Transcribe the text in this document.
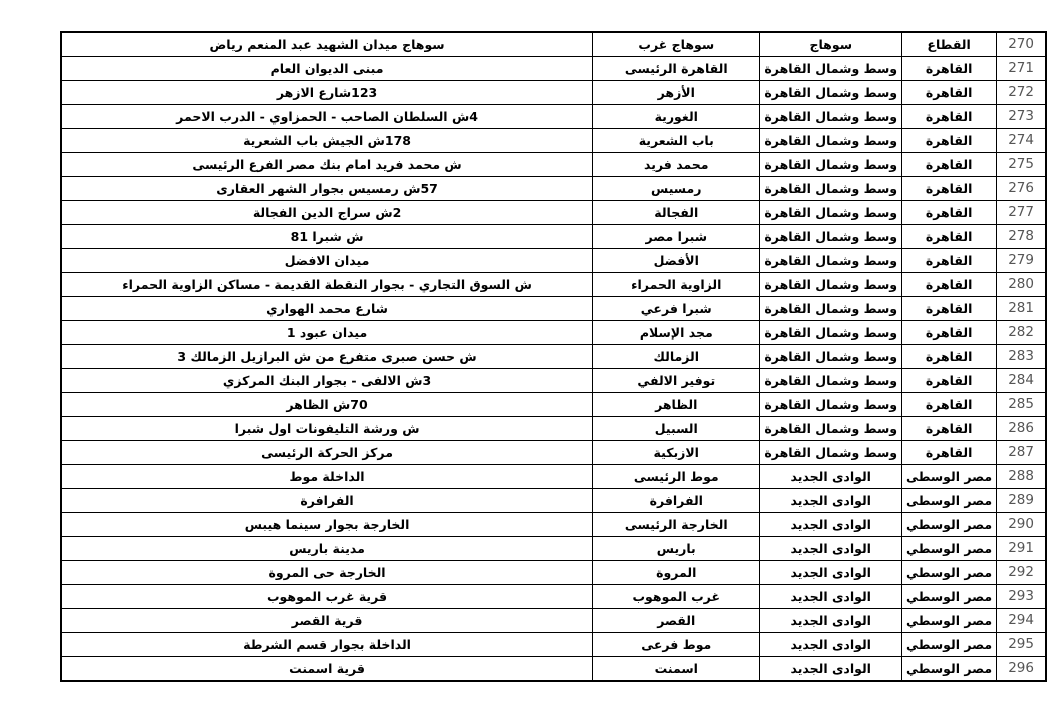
سوهاج ميدان الشهيد عبد المنعم رياض	سوهاج غرب	سوهاج	القطاع	270
مبنى الديوان العام	القاهرة الرئيسى	وسط وشمال القاهرة	القاهرة	271
123شارع الازهر	الأزهر	وسط وشمال القاهرة	القاهرة	272
4ش السلطان الصاحب - الحمزاوي - الدرب الاحمر	الغورية	وسط وشمال القاهرة	القاهرة	273
178ش الجيش باب الشعرية	باب الشعرية	وسط وشمال القاهرة	القاهرة	274
ش محمد فريد امام بنك مصر الفرع الرئيسى	محمد فريد	وسط وشمال القاهرة	القاهرة	275
57ش رمسيس بجوار الشهر العقارى	رمسيس	وسط وشمال القاهرة	القاهرة	276
2ش سراج الدين الفجالة	الفجالة	وسط وشمال القاهرة	القاهرة	277
ش شبرا 81	شبرا مصر	وسط وشمال القاهرة	القاهرة	278
ميدان الافضل	الأفضل	وسط وشمال القاهرة	القاهرة	279
ش السوق التجاري - بجوار النقطة القديمة - مساكن الزاوية الحمراء	الزاوية الحمراء	وسط وشمال القاهرة	القاهرة	280
شارع محمد الهواري	شبرا فرعي	وسط وشمال القاهرة	القاهرة	281
ميدان عبود 1	مجد الإسلام	وسط وشمال القاهرة	القاهرة	282
ش حسن صبرى متفرع من ش البرازيل الزمالك 3	الزمالك	وسط وشمال القاهرة	القاهرة	283
3ش الالفى - بجوار البنك المركزي	توفير الالفي	وسط وشمال القاهرة	القاهرة	284
70ش الظاهر	الظاهر	وسط وشمال القاهرة	القاهرة	285
ش ورشة التليفونات اول شبرا	السبيل	وسط وشمال القاهرة	القاهرة	286
مركز الحركة الرئيسى	الازبكية	وسط وشمال القاهرة	القاهرة	287
الداخلة موط	موط الرئيسى	الوادى الجديد	مصر الوسطى	288
الفرافرة	الفرافرة	الوادى الجديد	مصر الوسطى	289
الخارجة بجوار سينما هيبس	الخارجة الرئيسى	الوادى الجديد	مصر الوسطي	290
مدينة باريس	باريس	الوادى الجديد	مصر الوسطي	291
الخارجة حى المروة	المروة	الوادى الجديد	مصر الوسطي	292
قرية غرب الموهوب	غرب الموهوب	الوادى الجديد	مصر الوسطي	293
قرية القصر	القصر	الوادى الجديد	مصر الوسطي	294
الداخلة بجوار قسم الشرطة	موط فرعى	الوادى الجديد	مصر الوسطي	295
قرية اسمنت	اسمنت	الوادى الجديد	مصر الوسطي	296
